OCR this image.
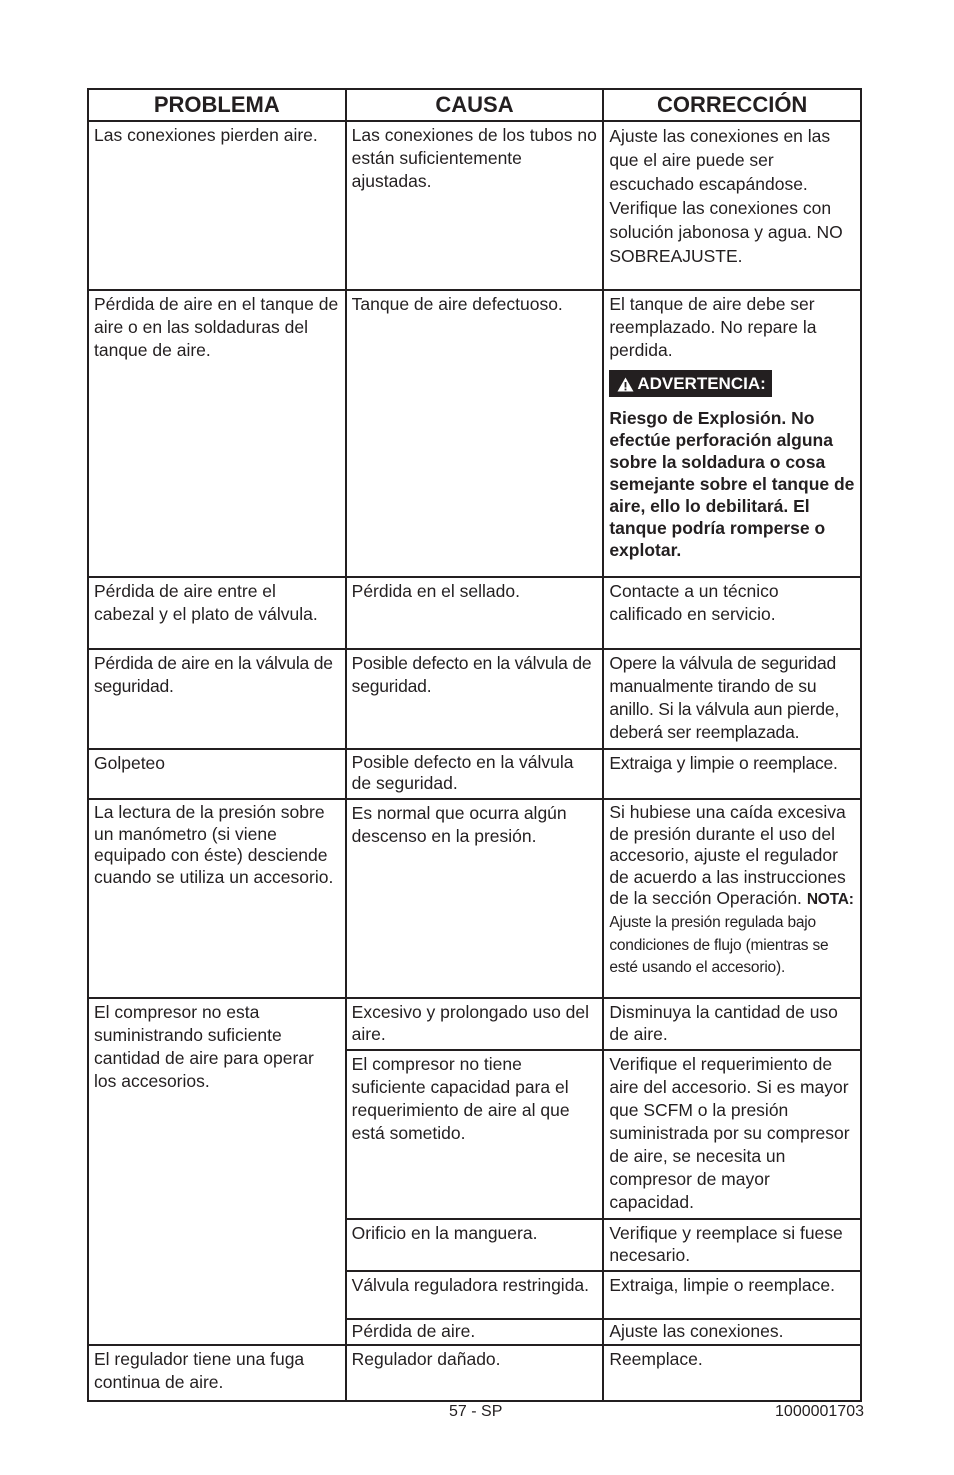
PROBLEMA	CAUSA	CORRECCIÓN
Las conexiones pierden aire.	Las conexiones de los tubos no están suficientemente ajustadas.	Ajuste las conexiones en las que el aire puede ser escuchado escapándose. Verifique las conexiones con solución jabonosa y agua. NO SOBREAJUSTE.
Pérdida de aire en el tanque de aire o en las soldaduras del tanque de aire.	Tanque de aire defectuoso.	El tanque de aire debe ser reemplazado. No repare la perdida.
ADVERTENCIA:
Riesgo de Explosión. No efectúe perforación alguna sobre la soldadura o cosa semejante sobre el tanque de aire, ello lo debilitará. El tanque podría romperse o explotar.

Pérdida de aire entre el cabezal y el plato de válvula.	Pérdida en el sellado.	Contacte a un técnico calificado en servicio.
Pérdida de aire en la válvula de seguridad.	Posible defecto en la válvula de seguridad.	Opere la válvula de seguridad manualmente tirando de su anillo. Si la válvula aun pierde, deberá ser reemplazada.
Golpeteo	Posible defecto en la válvula de seguridad.	Extraiga y limpie o reemplace.
La lectura de la presión sobre un manómetro (si viene equipado con éste) desciende cuando se utiliza un accesorio.	Es normal que ocurra algún descenso en la presión.	Si hubiese una caída excesiva de presión durante el uso del accesorio, ajuste el regulador de acuerdo a las instrucciones de la sección Operación. NOTA: Ajuste la presión regulada bajo condiciones de flujo (mientras se esté usando el accesorio).
El compresor no esta suministrando suficiente cantidad de aire para operar los accesorios.	Excesivo y prolongado uso del aire.	Disminuya la cantidad de uso de aire.
	El compresor no tiene suficiente capacidad para el requerimiento de aire al que está sometido.	Verifique el requerimiento de aire del accesorio. Si es mayor que SCFM o la presión suministrada por su compresor de aire, se necesita un compresor de mayor capacidad.
	Orificio en la manguera.	Verifique y reemplace si fuese necesario.
	Válvula reguladora restringida.	Extraiga, limpie o reemplace.
	Pérdida de aire.	Ajuste las conexiones.
El regulador tiene una fuga continua de aire.	Regulador dañado.	Reemplace.
57 - SP	1000001703
